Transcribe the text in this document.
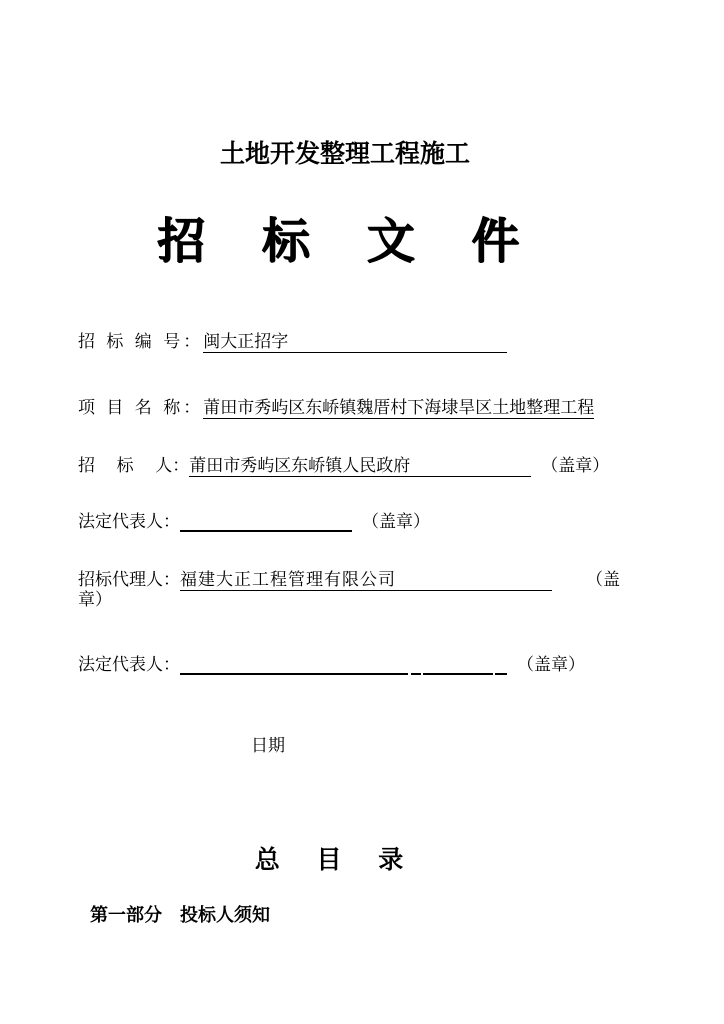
土地开发整理工程施工
招 标 文 件
招 标 编 号：闽大正招字
项 目 名 称：莆田市秀屿区东峤镇魏厝村下海埭旱区土地整理工程
招    标    人：莆田市秀屿区东峤镇人民政府	（盖章）
法定代表人：	（盖章）
招标代理人：福建大正工程管理有限公司	（盖
章）
法定代表人：	（盖章）
日期
总 目 录
第一部分 投标人须知
